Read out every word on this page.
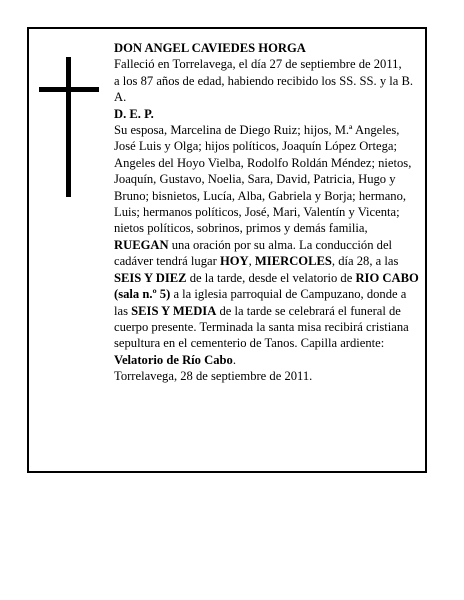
DON ANGEL CAVIEDES HORGA

Falleció en Torrelavega, el día 27 de septiembre de 2011,

a los 87 años de edad, habiendo recibido los SS. SS. y la B. A.

D. E. P.

Su esposa, Marcelina de Diego Ruiz; hijos, M.ª Angeles, José Luis y Olga; hijos políticos, Joaquín López Ortega; Angeles del Hoyo Vielba, Rodolfo Roldán Méndez; nietos, Joaquín, Gustavo, Noelia, Sara, David, Patricia, Hugo y Bruno; bisnietos, Lucía, Alba, Gabriela y Borja; hermano, Luis; hermanos políticos, José, Mari, Valentín y Vicenta; nietos políticos, sobrinos, primos y demás familia,

RUEGAN una oración por su alma. La conducción del cadáver tendrá lugar HOY, MIERCOLES, día 28, a las SEIS Y DIEZ de la tarde, desde el velatorio de RIO CABO (sala n.º 5) a la iglesia parroquial de Campuzano, donde a las SEIS Y MEDIA de la tarde se celebrará el funeral de cuerpo presente. Terminada la santa misa recibirá cristiana sepultura en el cementerio de Tanos. Capilla ardiente: Velatorio de Río Cabo.

Torrelavega, 28 de septiembre de 2011.
